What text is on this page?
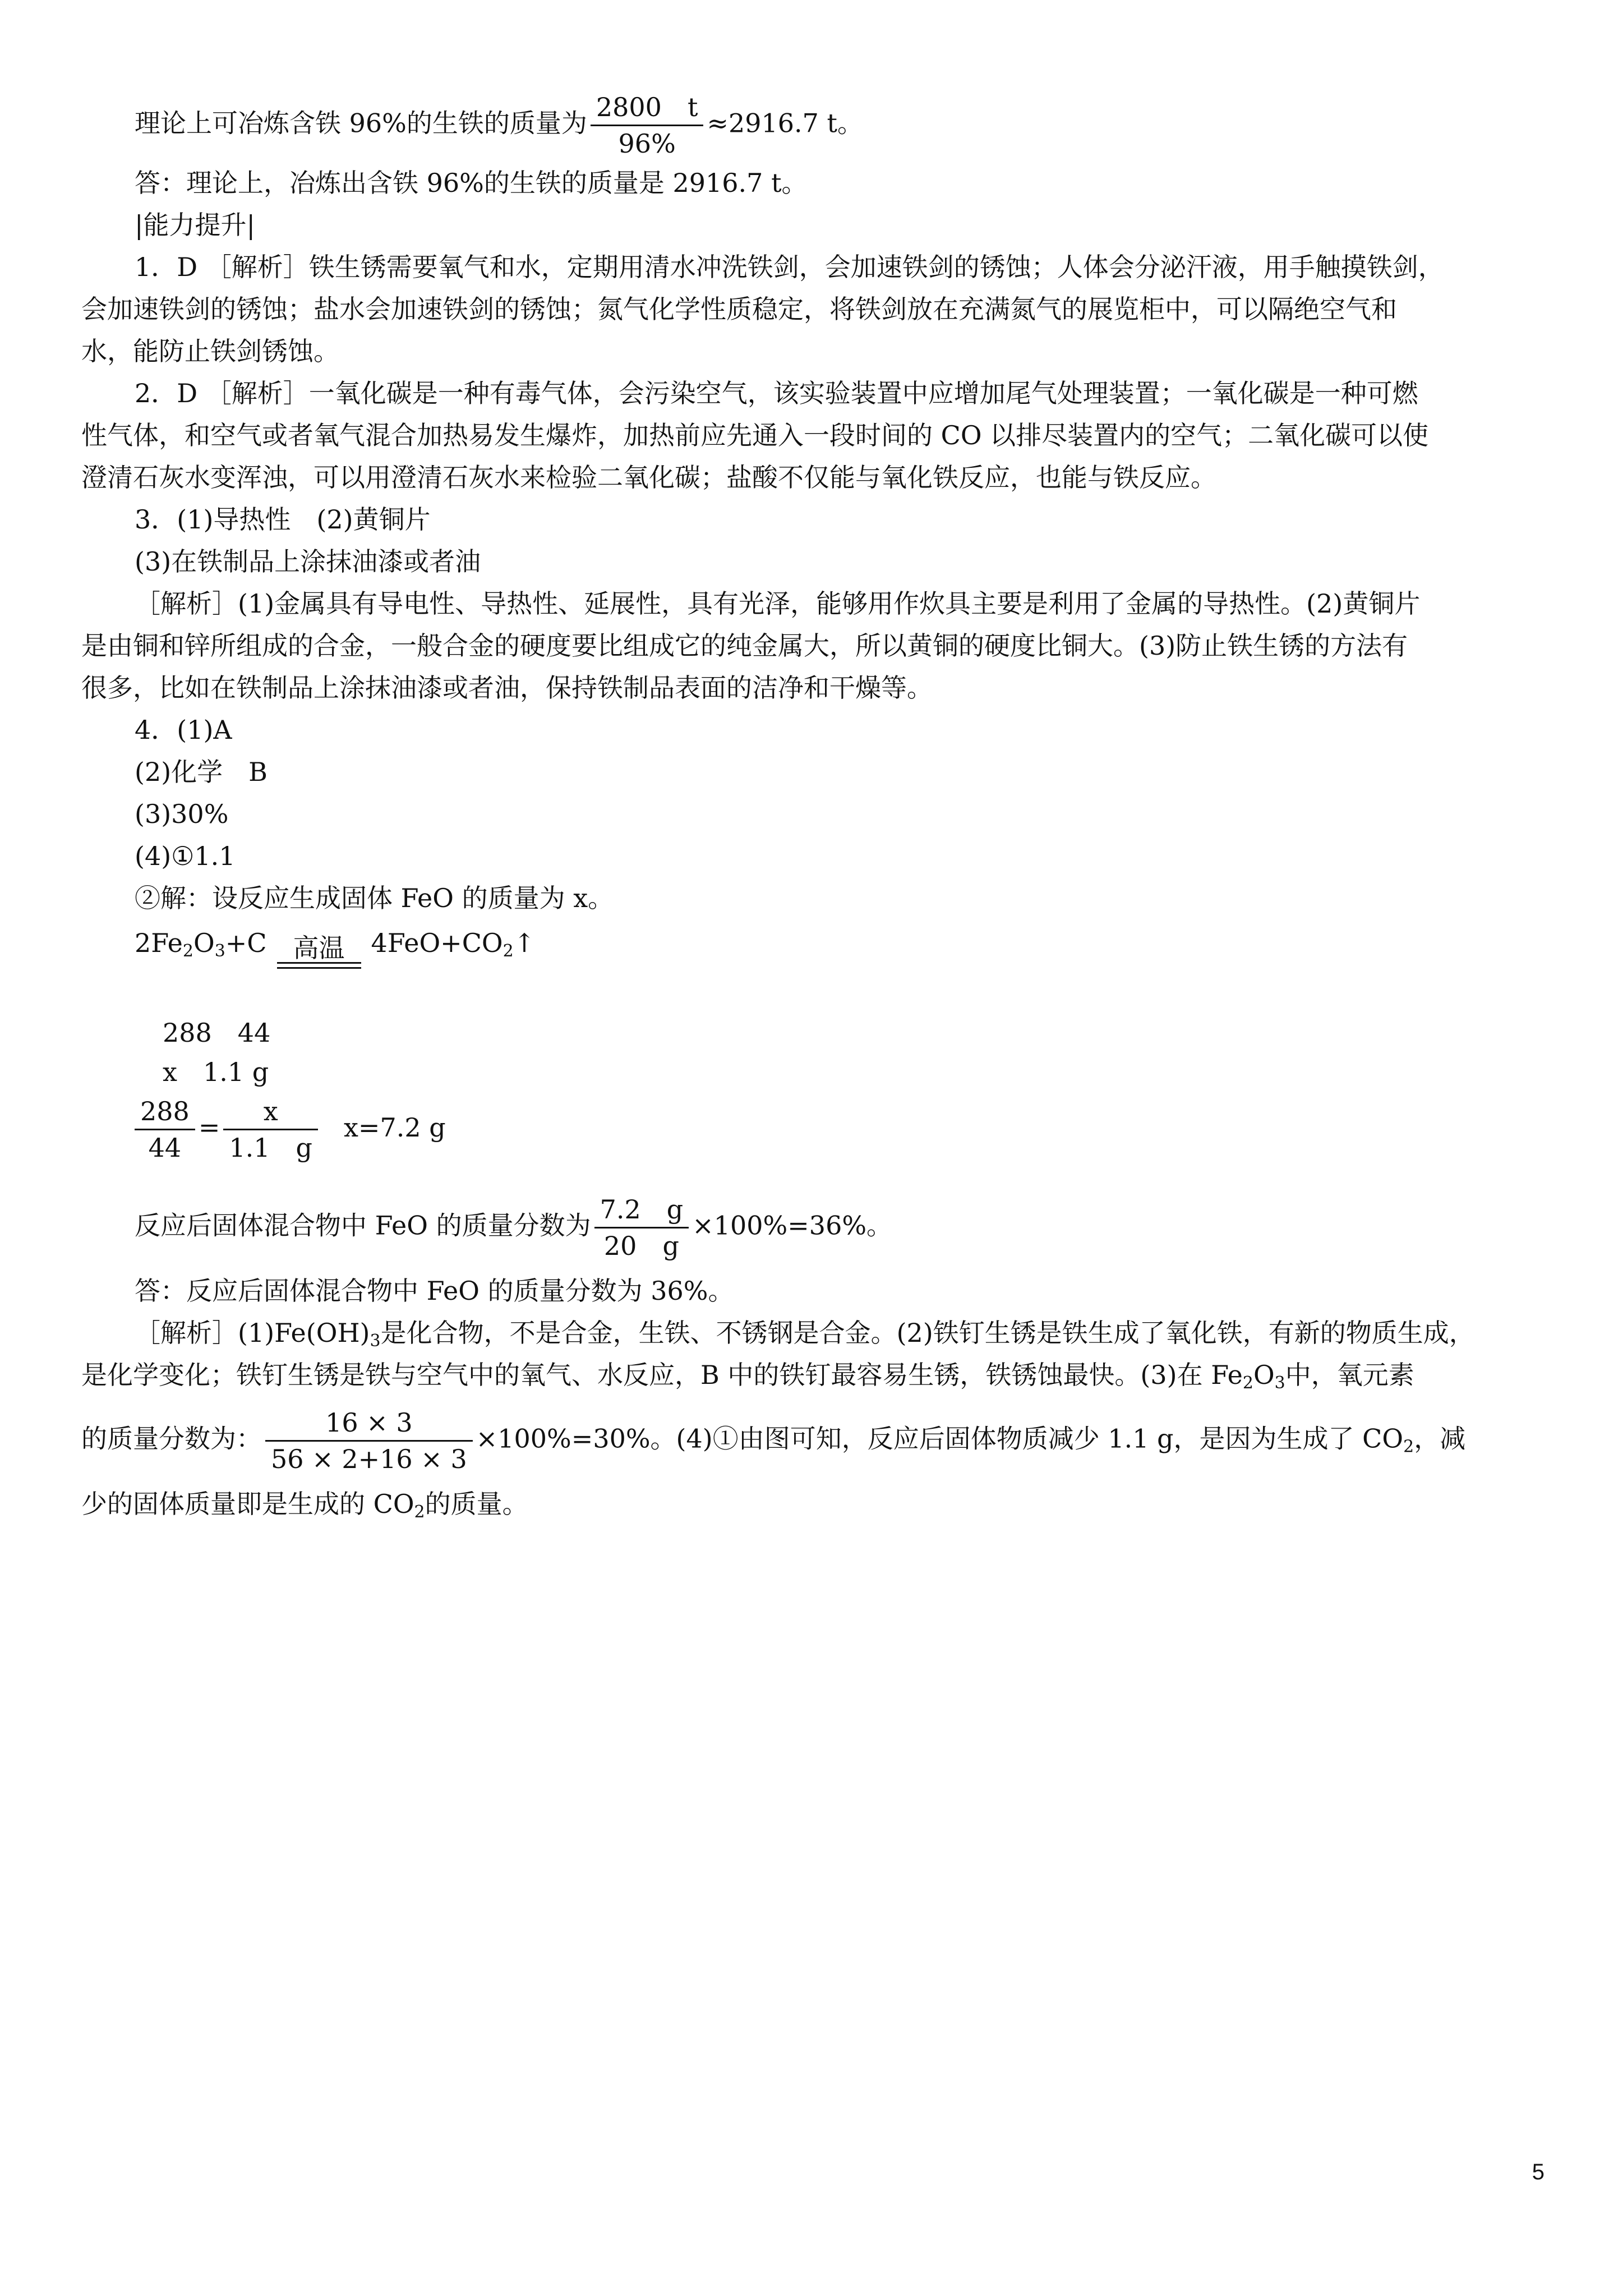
理论上可冶炼含铁 96%的生铁的质量为 $\frac{2800 t}{96\%} \approx 2916.7$ t。
答：理论上，冶炼出含铁 96%的生铁的质量是 2916.7 t。
|能力提升|
1．D ［解析］铁生锈需要氧气和水，定期用清水冲洗铁剑，会加速铁剑的锈蚀；人体会分泌汗液，用手触摸铁剑，
会加速铁剑的锈蚀；盐水会加速铁剑的锈蚀；氮气化学性质稳定，将铁剑放在充满氮气的展览柜中，可以隔绝空气和
水，能防止铁剑锈蚀。
2．D ［解析］一氧化碳是一种有毒气体，会污染空气，该实验装置中应增加尾气处理装置；一氧化碳是一种可燃
性气体，和空气或者氧气混合加热易发生爆炸，加热前应先通入一段时间的 CO 以排尽装置内的空气；二氧化碳可以使
澄清石灰水变浑浊，可以用澄清石灰水来检验二氧化碳；盐酸不仅能与氧化铁反应，也能与铁反应。
3．(1)导热性　(2)黄铜片
(3)在铁制品上涂抹油漆或者油
［解析］(1)金属具有导电性、导热性、延展性，具有光泽，能够用作炊具主要是利用了金属的导热性。(2)黄铜片
是由铜和锌所组成的合金，一般合金的硬度要比组成它的纯金属大，所以黄铜的硬度比铜大。(3)防止铁生锈的方法有
很多，比如在铁制品上涂抹油漆或者油，保持铁制品表面的洁净和干燥等。
4．(1)A
(2)化学　B
(3)30%
(4)①1.1
②解：设反应生成固体 FeO 的质量为 x。
$2Fe_2O_3+C$	高温	$4FeO+CO_2↑$
288　44
x　1.1 g
$\frac{288}{44} = \frac{x}{1.1 g} x=7.2$ g
反应后固体混合物中 FeO 的质量分数为 $\frac{7.2 g}{20 g} \times 100\%=36\%$。
答：反应后固体混合物中 FeO 的质量分数为 36%。
［解析$](1)Fe(OH)_3$是化合物，不是合金，生铁、不锈钢是合金。(2)铁钉生锈是铁生成了氧化铁，有新的物质生成，
是化学变化；铁钉生锈是铁与空气中的氧气、水反应，B 中的铁钉最容易生锈，铁锈蚀最快。(3)在 $Fe_2O_3$中，氧元素
的质量分数为： $\frac{16 \times 3}{56 \times 2+16 \times 3} \times 100\%=30\%$。(4)①由图可知，反应后固体物质减少 1.1 g，是因为生成了 $CO_2$，减
少的固体质量即是生成的 $CO_2$的质量。
5
